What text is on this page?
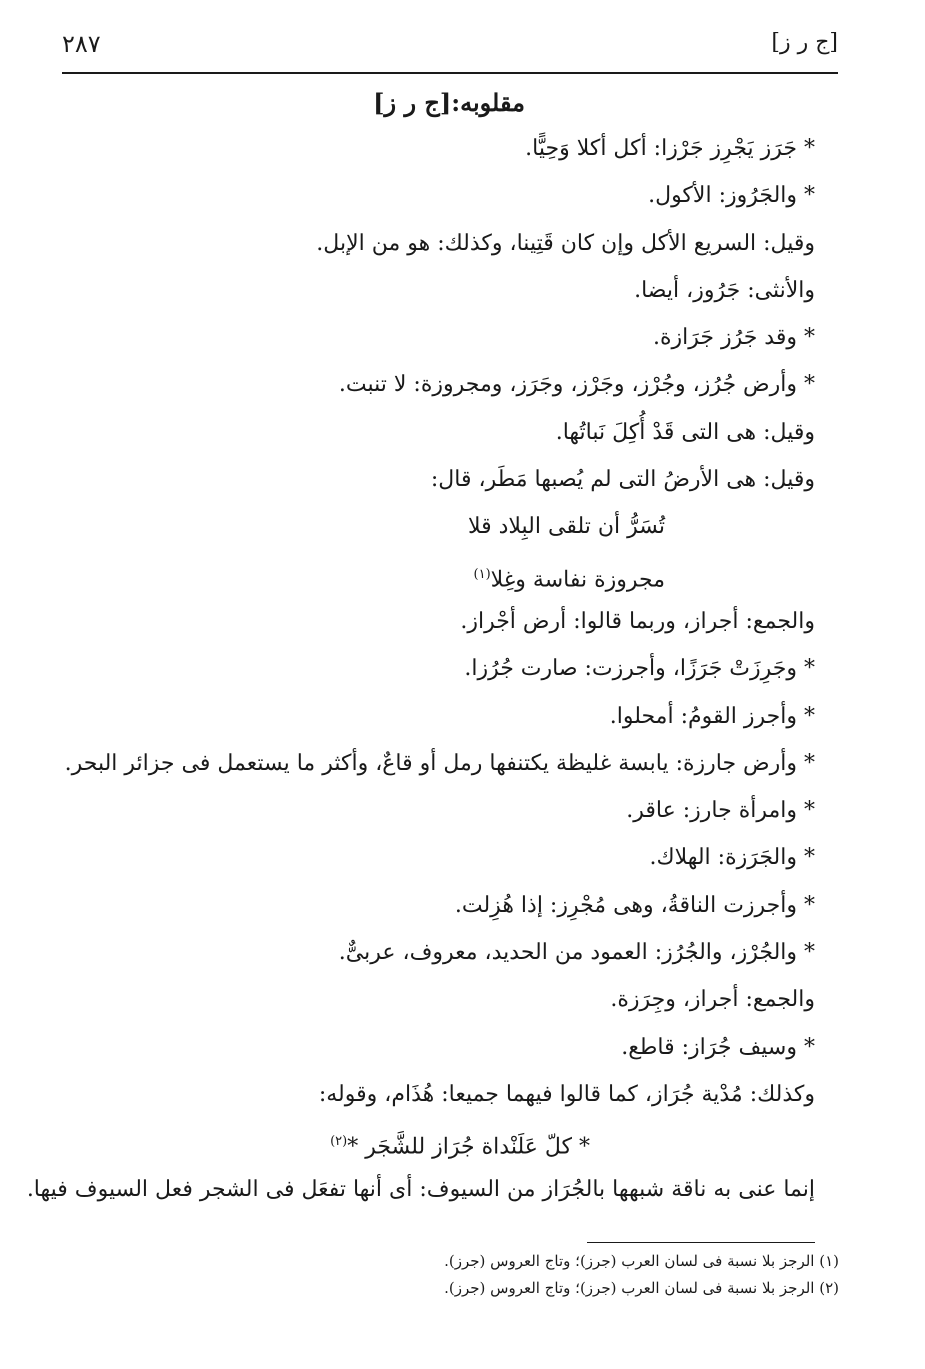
[ج ر ز]
٢٨٧
مقلوبه:[ج ر ز]
* جَرَز يَجْرِز جَرْزا: أكل أكلا وَحِيًّا.
* والجَرُوز: الأكول.
وقيل: السريع الأكل وإن كان قَتِينا، وكذلك: هو من الإبل.
والأنثى: جَرُوز، أيضا.
* وقد جَرُز جَرَازة.
* وأرض جُرُز، وجُرْز، وجَرْز، وجَرَز، ومجروزة: لا تنبت.
وقيل: هى التى قَدْ أُكِلَ نَباتُها.
وقيل: هى الأرضُ التى لم يُصبها مَطَر، قال:
تُسَرُّ أن تلقى البِلاد قلا
مجروزة نفاسة وغِلا$^{(١)}$
والجمع: أجراز، وربما قالوا: أرض أجْراز.
* وجَرِزَتْ جَرَزًا، وأجرزت: صارت جُرُزا.
* وأجرز القومُ: أمحلوا.
* وأرض جارزة: يابسة غليظة يكتنفها رمل أو قاعٌ، وأكثر ما يستعمل فى جزائر البحر.
* وامرأة جارز: عاقر.
* والجَرَزة: الهلاك.
* وأجرزت الناقةُ، وهى مُجْرِز: إذا هُزِلت.
* والجُرْز، والجُرُز: العمود من الحديد، معروف، عربىٌّ.
والجمع: أجراز، وجِرَزة.
* وسيف جُرَاز: قاطع.
وكذلك: مُدْية جُرَاز، كما قالوا فيهما جميعا: هُذَام، وقوله:
* كلّ عَلَنْداة جُرَاز للشَّجَر *$^{(٢)}$
إنما عنى به ناقة شبهها بالجُرَاز من السيوف: أى أنها تفعَل فى الشجر فعل السيوف فيها.
(١) الرجز بلا نسبة فى لسان العرب (جرز)؛ وتاج العروس (جرز).
(٢) الرجز بلا نسبة فى لسان العرب (جرز)؛ وتاج العروس (جرز).
